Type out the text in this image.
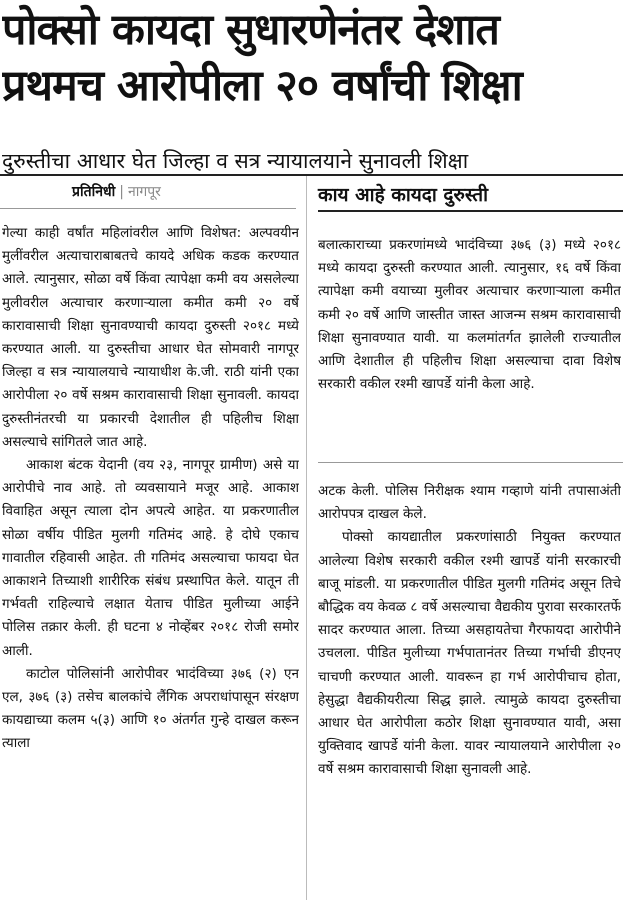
पोक्सो कायदा सुधारणेनंतर देशात
प्रथमच आरोपीला २० वर्षांची शिक्षा
दुरुस्तीचा आधार घेत जिल्हा व सत्र न्यायालयाने सुनावली शिक्षा
प्रतिनिधी | नागपूर	काय आहे कायदा दुरुस्ती

गेल्या काही वर्षांत महिलांवरील आणि विशेषत: अल्पवयीन मुलींवरील अत्याचाराबाबतचे कायदे अधिक कडक करण्यात आले. त्यानुसार, सोळा वर्षे किंवा त्यापेक्षा कमी वय असलेल्या मुलीवरील अत्याचार करणाऱ्याला कमीत कमी २० वर्षे कारावासाची शिक्षा सुनावण्याची कायदा दुरुस्ती २०१८ मध्ये करण्यात आली. या दुरुस्तीचा आधार घेत सोमवारी नागपूर जिल्हा व सत्र न्यायालयाचे न्यायाधीश के.जी. राठी यांनी एका आरोपीला २० वर्षे सश्रम कारावासाची शिक्षा सुनावली. कायदा दुरुस्तीनंतरची या प्रकारची देशातील ही पहिलीच शिक्षा असल्याचे सांगितले जात आहे.

आकाश बंटक येदानी (वय २३, नागपूर ग्रामीण) असे या आरोपीचे नाव आहे. तो व्यवसायाने मजूर आहे. आकाश विवाहित असून त्याला दोन अपत्ये आहेत. या प्रकरणातील सोळा वर्षीय पीडित मुलगी गतिमंद आहे. हे दोघे एकाच गावातील रहिवासी आहेत. ती गतिमंद असल्याचा फायदा घेत आकाशने तिच्याशी शारीरिक संबंध प्रस्थापित केले. यातून ती गर्भवती राहिल्याचे लक्षात येताच पीडित मुलीच्या आईने पोलिस तक्रार केली. ही घटना ४ नोव्हेंबर २०१८ रोजी समोर आली.

काटोल पोलिसांनी आरोपीवर भादंविच्या ३७६ (२) एन एल, ३७६ (३) तसेच बालकांचे लैंगिक अपराधांपासून संरक्षण कायद्याच्या कलम ५(३) आणि १० अंतर्गत गुन्हे दाखल करून त्याला

बलात्काराच्या प्रकरणांमध्ये भादंविच्या ३७६ (३) मध्ये २०१८ मध्ये कायदा दुरुस्ती करण्यात आली. त्यानुसार, १६ वर्षे किंवा त्यापेक्षा कमी वयाच्या मुलीवर अत्याचार करणाऱ्याला कमीत कमी २० वर्षे आणि जास्तीत जास्त आजन्म सश्रम कारावासाची शिक्षा सुनावण्यात यावी. या कलमांतर्गत झालेली राज्यातील आणि देशातील ही पहिलीच शिक्षा असल्याचा दावा विशेष सरकारी वकील रश्मी खापर्डे यांनी केला आहे.

अटक केली. पोलिस निरीक्षक श्याम गव्हाणे यांनी तपासाअंती आरोपपत्र दाखल केले.

पोक्सो कायद्यातील प्रकरणांसाठी नियुक्त करण्यात आलेल्या विशेष सरकारी वकील रश्मी खापर्डे यांनी सरकारची बाजू मांडली. या प्रकरणातील पीडित मुलगी गतिमंद असून तिचे बौद्धिक वय केवळ ८ वर्षे असल्याचा वैद्यकीय पुरावा सरकारतर्फे सादर करण्यात आला. तिच्या असहायतेचा गैरफायदा आरोपीने उचलला. पीडित मुलीच्या गर्भपातानंतर तिच्या गर्भाची डीएनए चाचणी करण्यात आली. यावरून हा गर्भ आरोपीचाच होता, हेसुद्धा वैद्यकीयरीत्या सिद्ध झाले. त्यामुळे कायदा दुरुस्तीचा आधार घेत आरोपीला कठोर शिक्षा सुनावण्यात यावी, असा युक्तिवाद खापर्डे यांनी केला. यावर न्यायालयाने आरोपीला २० वर्षे सश्रम कारावासाची शिक्षा सुनावली आहे.
